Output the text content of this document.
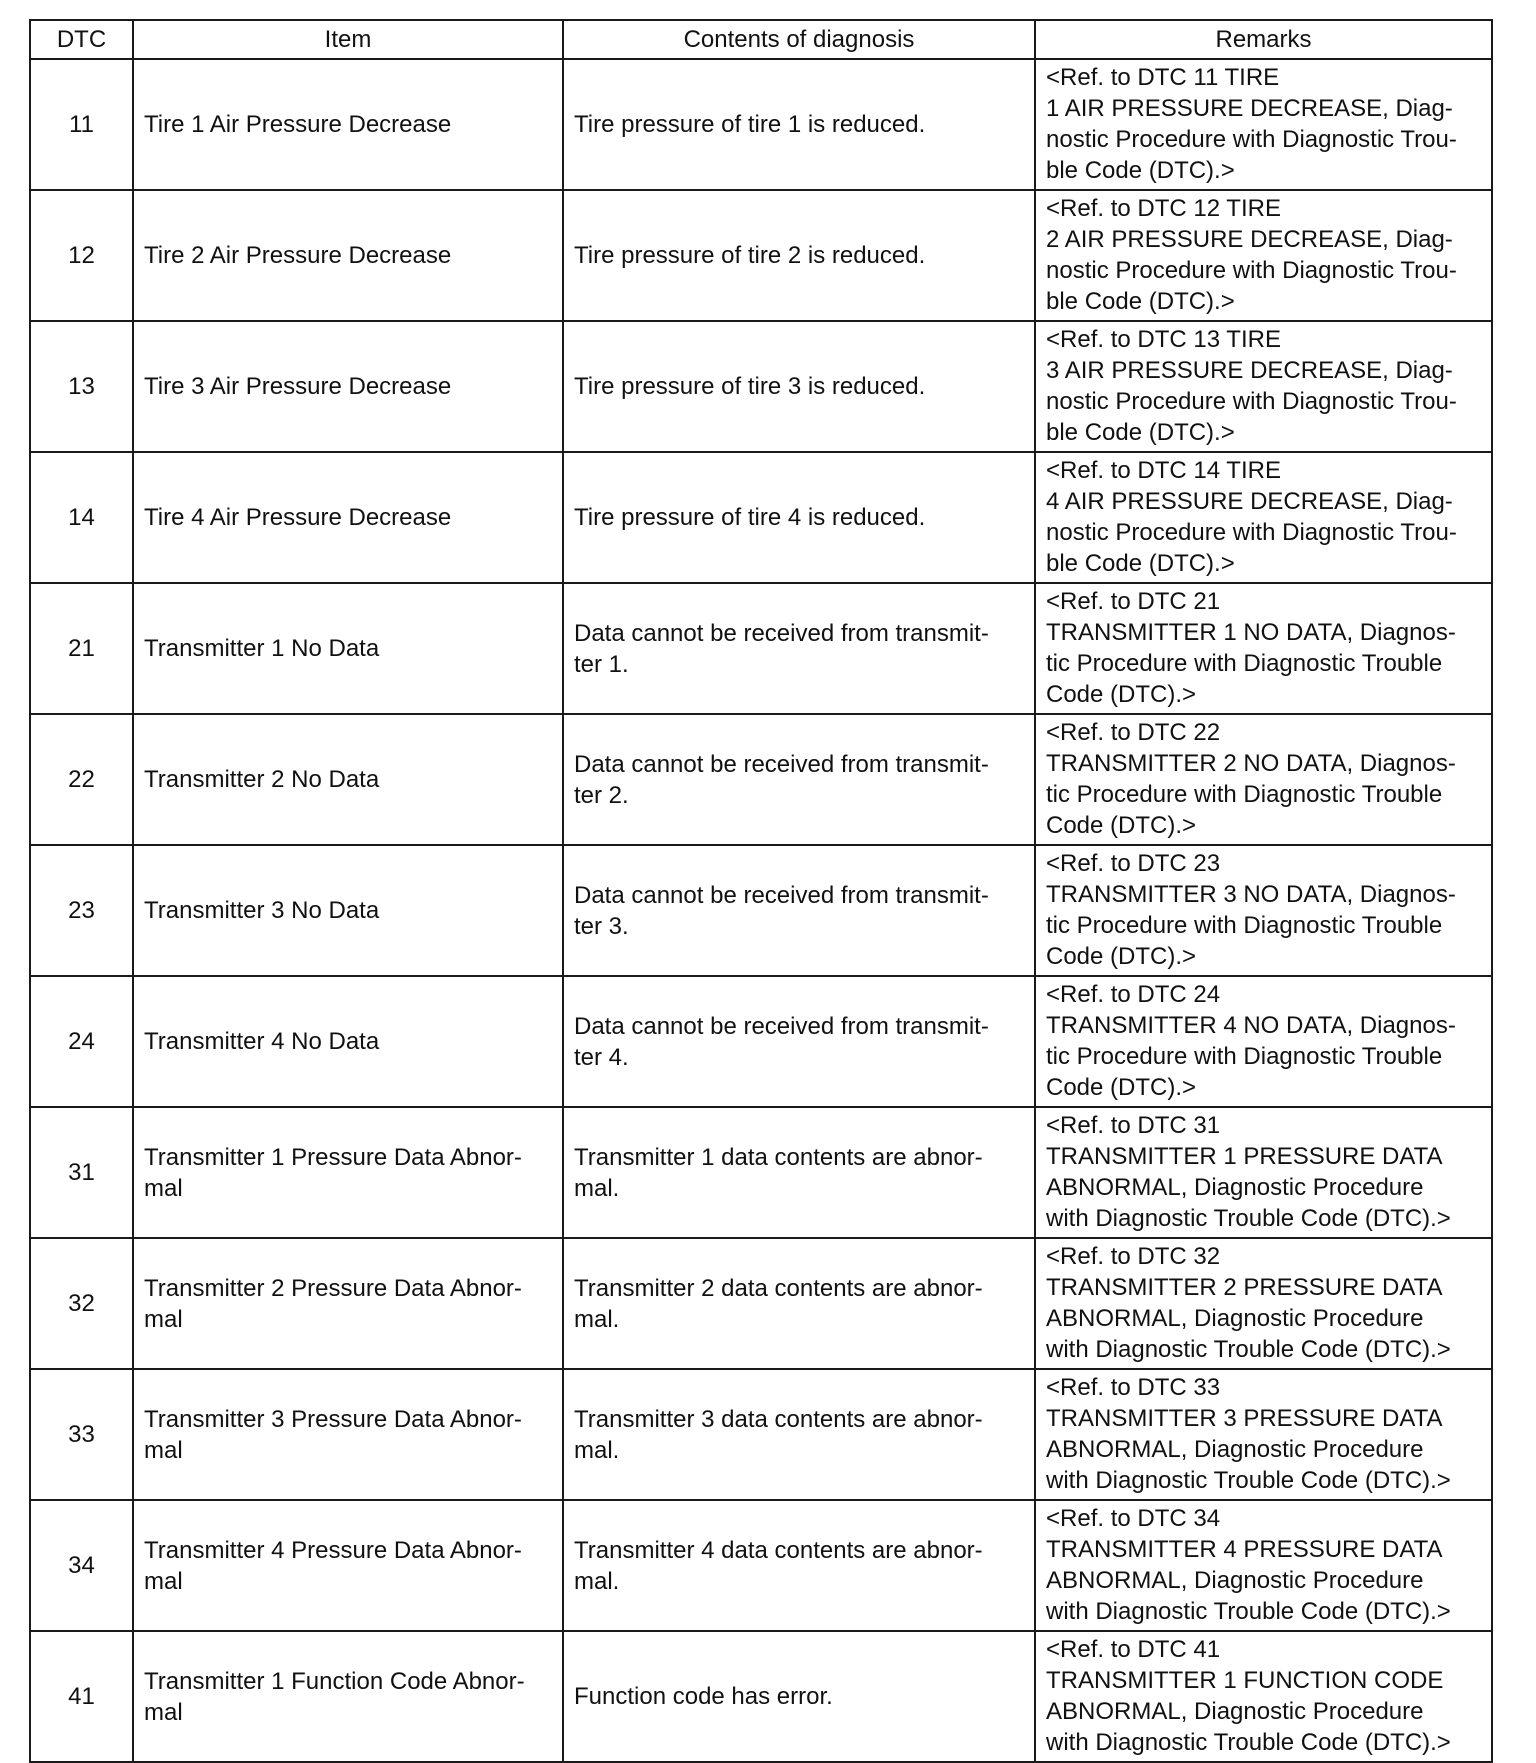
DTC	Item	Contents of diagnosis	Remarks
11	Tire 1 Air Pressure Decrease	Tire pressure of tire 1 is reduced.	<Ref. to DTC 11 TIRE
1 AIR PRESSURE DECREASE, Diag-
nostic Procedure with Diagnostic Trou-
ble Code (DTC).>

12	Tire 2 Air Pressure Decrease	Tire pressure of tire 2 is reduced.	<Ref. to DTC 12 TIRE
2 AIR PRESSURE DECREASE, Diag-
nostic Procedure with Diagnostic Trou-
ble Code (DTC).>

13	Tire 3 Air Pressure Decrease	Tire pressure of tire 3 is reduced.	<Ref. to DTC 13 TIRE
3 AIR PRESSURE DECREASE, Diag-
nostic Procedure with Diagnostic Trou-
ble Code (DTC).>

14	Tire 4 Air Pressure Decrease	Tire pressure of tire 4 is reduced.	<Ref. to DTC 14 TIRE
4 AIR PRESSURE DECREASE, Diag-
nostic Procedure with Diagnostic Trou-
ble Code (DTC).>

21	Transmitter 1 No Data	Data cannot be received from transmit-
ter 1.	<Ref. to DTC 21
TRANSMITTER 1 NO DATA, Diagnos-
tic Procedure with Diagnostic Trouble
Code (DTC).>

22	Transmitter 2 No Data	Data cannot be received from transmit-
ter 2.	<Ref. to DTC 22
TRANSMITTER 2 NO DATA, Diagnos-
tic Procedure with Diagnostic Trouble
Code (DTC).>

23	Transmitter 3 No Data	Data cannot be received from transmit-
ter 3.	<Ref. to DTC 23
TRANSMITTER 3 NO DATA, Diagnos-
tic Procedure with Diagnostic Trouble
Code (DTC).>

24	Transmitter 4 No Data	Data cannot be received from transmit-
ter 4.	<Ref. to DTC 24
TRANSMITTER 4 NO DATA, Diagnos-
tic Procedure with Diagnostic Trouble
Code (DTC).>

31	Transmitter 1 Pressure Data Abnor-
mal	Transmitter 1 data contents are abnor-
mal.	<Ref. to DTC 31
TRANSMITTER 1 PRESSURE DATA
ABNORMAL, Diagnostic Procedure
with Diagnostic Trouble Code (DTC).>

32	Transmitter 2 Pressure Data Abnor-
mal	Transmitter 2 data contents are abnor-
mal.	<Ref. to DTC 32
TRANSMITTER 2 PRESSURE DATA
ABNORMAL, Diagnostic Procedure
with Diagnostic Trouble Code (DTC).>

33	Transmitter 3 Pressure Data Abnor-
mal	Transmitter 3 data contents are abnor-
mal.	<Ref. to DTC 33
TRANSMITTER 3 PRESSURE DATA
ABNORMAL, Diagnostic Procedure
with Diagnostic Trouble Code (DTC).>

34	Transmitter 4 Pressure Data Abnor-
mal	Transmitter 4 data contents are abnor-
mal.	<Ref. to DTC 34
TRANSMITTER 4 PRESSURE DATA
ABNORMAL, Diagnostic Procedure
with Diagnostic Trouble Code (DTC).>

41	Transmitter 1 Function Code Abnor-
mal	Function code has error.	<Ref. to DTC 41
TRANSMITTER 1 FUNCTION CODE
ABNORMAL, Diagnostic Procedure
with Diagnostic Trouble Code (DTC).>
